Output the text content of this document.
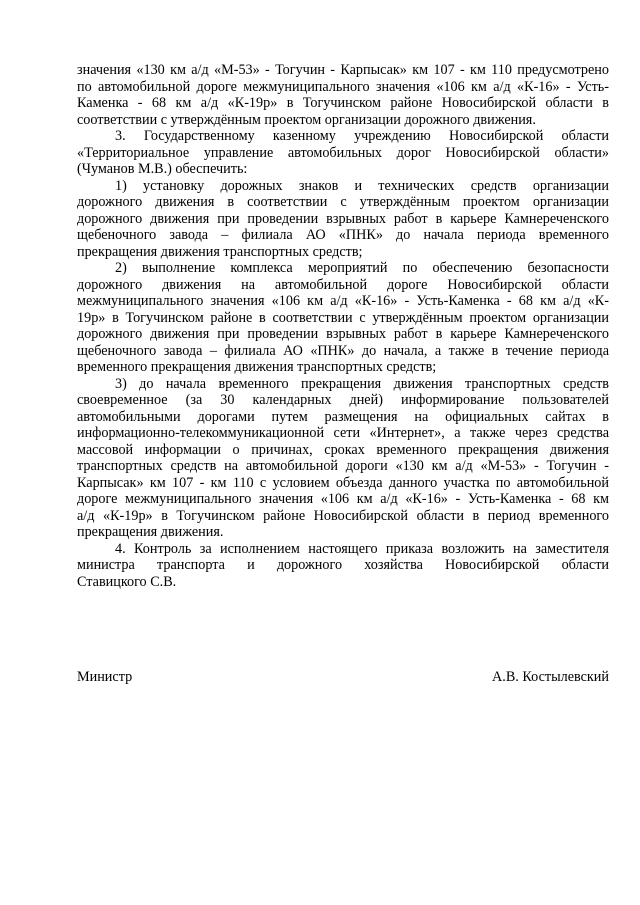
значения «130 км а/д «М-53» - Тогучин - Карпысак» км 107 - км 110 предусмотрено
по автомобильной дороге межмуниципального значения «106 км а/д «К-16» - Усть-
Каменка - 68 км а/д «К-19р» в Тогучинском районе Новосибирской области в
соответствии с утверждённым проектом организации дорожного движения.

3. Государственному казенному учреждению Новосибирской области
«Территориальное управление автомобильных дорог Новосибирской области»
(Чуманов М.В.) обеспечить:

1) установку дорожных знаков и технических средств организации
дорожного движения в соответствии с утверждённым проектом организации
дорожного движения при проведении взрывных работ в карьере Камнереченского
щебеночного завода – филиала АО «ПНК» до начала периода временного
прекращения движения транспортных средств;

2) выполнение комплекса мероприятий по обеспечению безопасности
дорожного движения на автомобильной дороге Новосибирской области
межмуниципального значения «106 км а/д «К-16» - Усть-Каменка - 68 км а/д «К-
19р» в Тогучинском районе в соответствии с утверждённым проектом организации
дорожного движения при проведении взрывных работ в карьере Камнереченского
щебеночного завода – филиала АО «ПНК» до начала, а также в течение периода
временного прекращения движения транспортных средств;

3) до начала временного прекращения движения транспортных средств
своевременное (за 30 календарных дней) информирование пользователей
автомобильными дорогами путем размещения на официальных сайтах в
информационно-телекоммуникационной сети «Интернет», а также через средства
массовой информации о причинах, сроках временного прекращения движения
транспортных средств на автомобильной дороги «130 км а/д «М-53» - Тогучин -
Карпысак» км 107 - км 110 с условием объезда данного участка по автомобильной
дороге межмуниципального значения «106 км а/д «К-16» - Усть-Каменка - 68 км
а/д «К-19р» в Тогучинском районе Новосибирской области в период временного
прекращения движения.

4. Контроль за исполнением настоящего приказа возложить на заместителя
министра транспорта и дорожного хозяйства Новосибирской области
Ставицкого С.В.

Министр	А.В. Костылевский
